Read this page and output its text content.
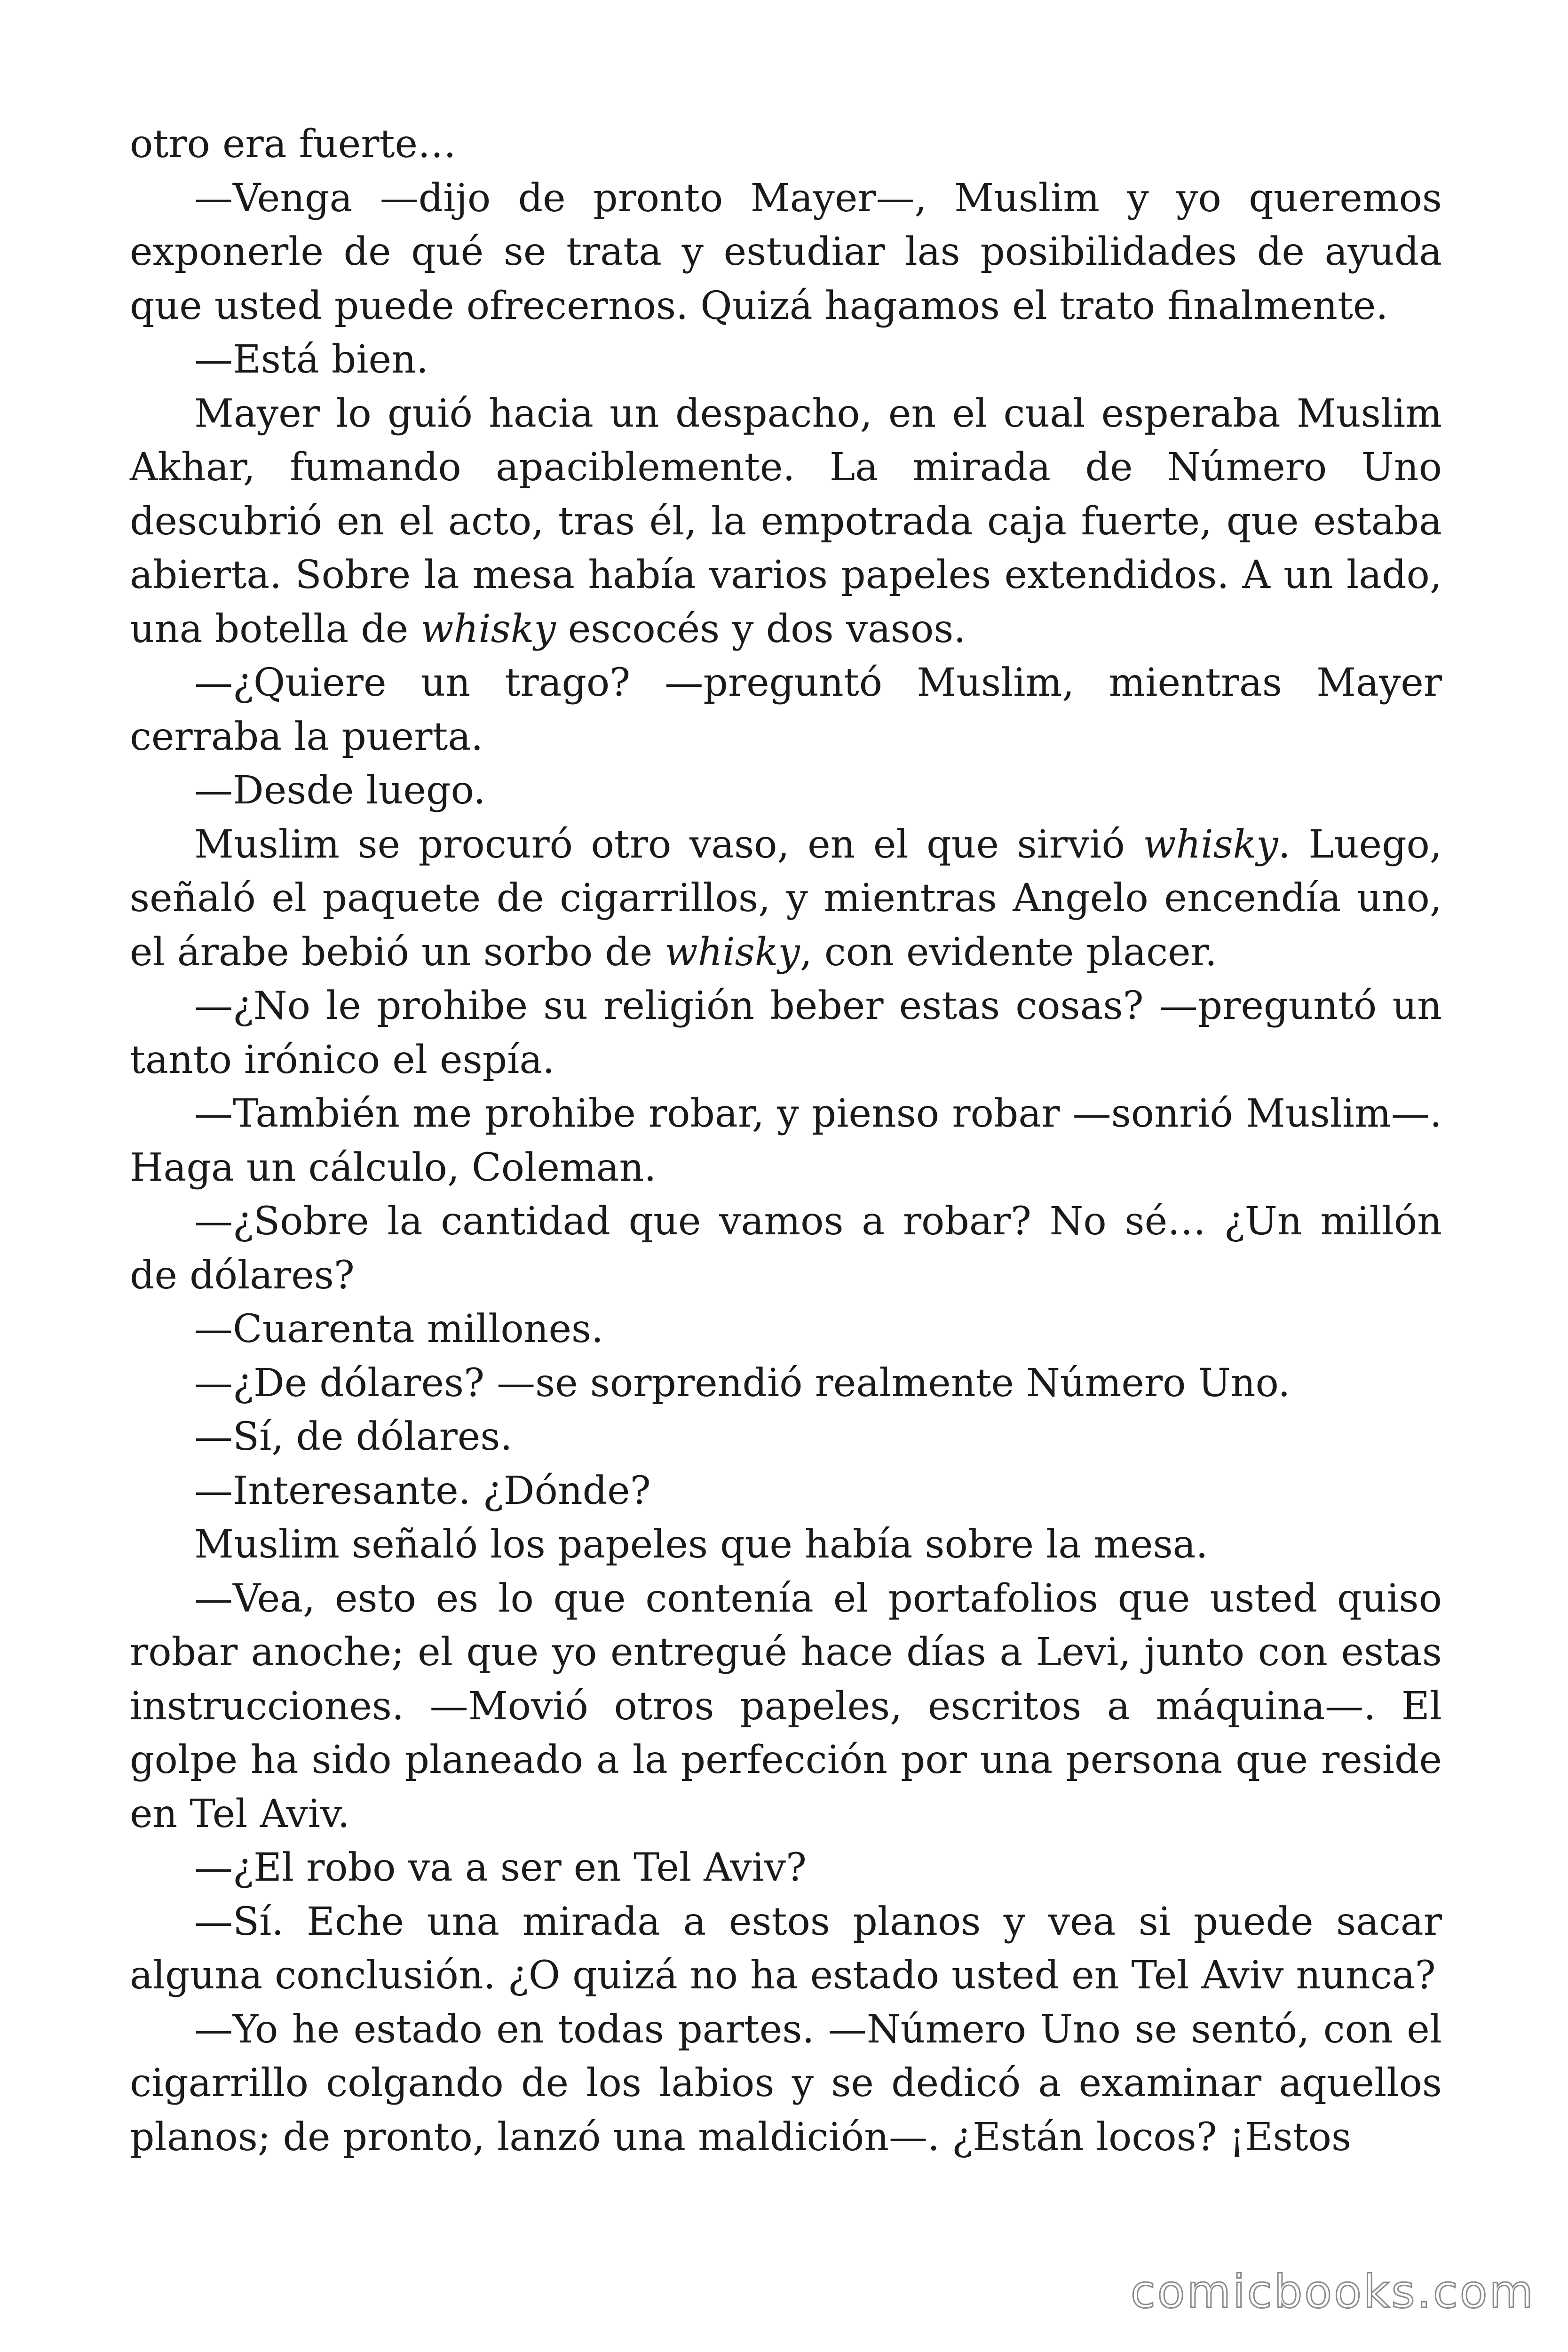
otro era fuerte…

—Venga —dijo de pronto Mayer—, Muslim y yo queremos exponerle de qué se trata y estudiar las posibilidades de ayuda que usted puede ofrecernos. Quizá hagamos el trato finalmente.

—Está bien.

Mayer lo guió hacia un despacho, en el cual esperaba Muslim Akhar, fumando apaciblemente. La mirada de Número Uno descubrió en el acto, tras él, la empotrada caja fuerte, que estaba abierta. Sobre la mesa había varios papeles extendidos. A un lado, una botella de whisky escocés y dos vasos.

—¿Quiere un trago? —preguntó Muslim, mientras Mayer cerraba la puerta.

—Desde luego.

Muslim se procuró otro vaso, en el que sirvió whisky. Luego, señaló el paquete de cigarrillos, y mientras Angelo encendía uno, el árabe bebió un sorbo de whisky, con evidente placer.

—¿No le prohibe su religión beber estas cosas? —preguntó un tanto irónico el espía.

—También me prohibe robar, y pienso robar —sonrió Muslim—. Haga un cálculo, Coleman.

—¿Sobre la cantidad que vamos a robar? No sé… ¿Un millón de dólares?

—Cuarenta millones.

—¿De dólares? —se sorprendió realmente Número Uno.

—Sí, de dólares.

—Interesante. ¿Dónde?

Muslim señaló los papeles que había sobre la mesa.

—Vea, esto es lo que contenía el portafolios que usted quiso robar anoche; el que yo entregué hace días a Levi, junto con estas instrucciones. —Movió otros papeles, escritos a máquina—. El golpe ha sido planeado a la perfección por una persona que reside en Tel Aviv.

—¿El robo va a ser en Tel Aviv?

—Sí. Eche una mirada a estos planos y vea si puede sacar alguna conclusión. ¿O quizá no ha estado usted en Tel Aviv nunca?

—Yo he estado en todas partes. —Número Uno se sentó, con el cigarrillo colgando de los labios y se dedicó a examinar aquellos planos; de pronto, lanzó una maldición—. ¿Están locos? ¡Estos

comicbooks.com
